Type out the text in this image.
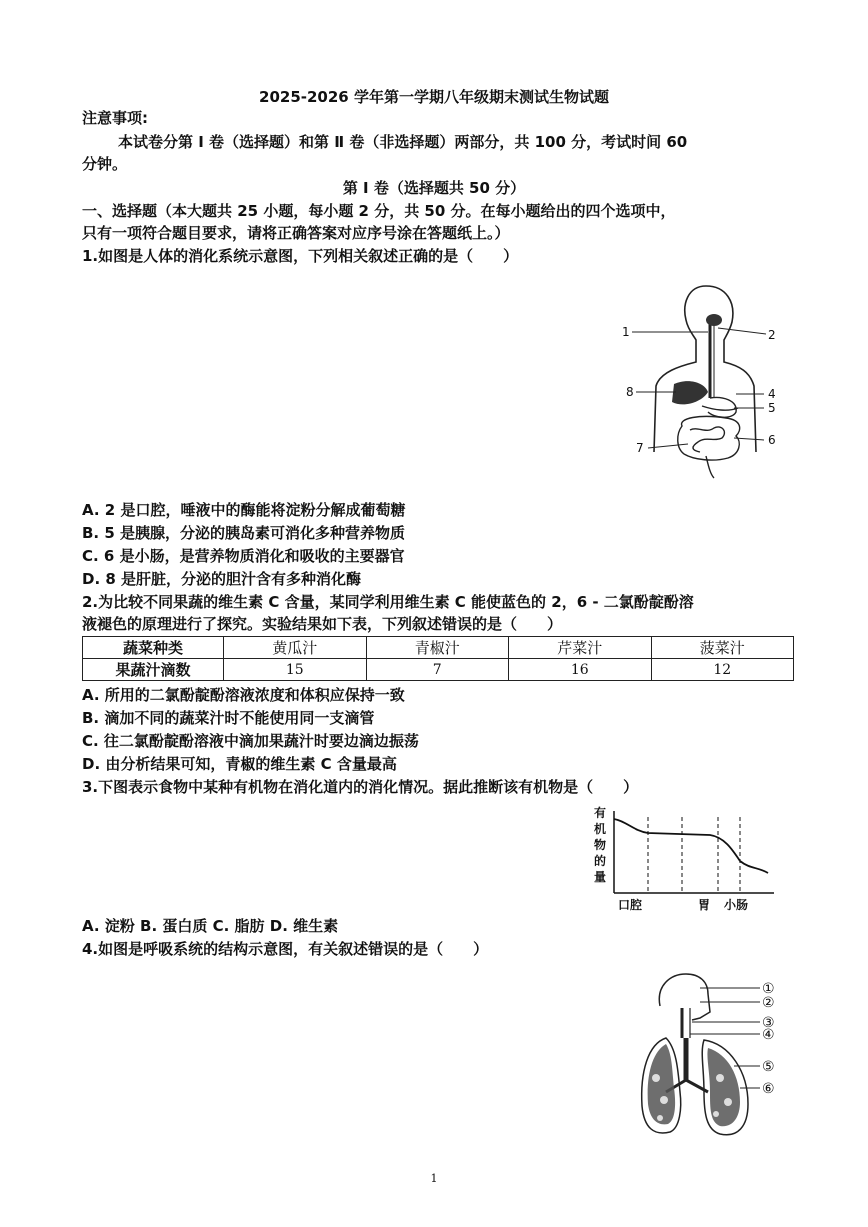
2025-2026 学年第一学期八年级期末测试生物试题
注意事项:
本试卷分第 Ⅰ 卷（选择题）和第 Ⅱ 卷（非选择题）两部分，共 100 分，考试时间 60
分钟。
第 Ⅰ 卷（选择题共 50 分）
一、选择题（本大题共 25 小题，每小题 2 分，共 50 分。在每小题给出的四个选项中，
只有一项符合题目要求，请将正确答案对应序号涂在答题纸上。）
1.如图是人体的消化系统示意图，下列相关叙述正确的是（　　）
1	2
8	4
5
6
7
A. 2 是口腔，唾液中的酶能将淀粉分解成葡萄糖
B. 5 是胰腺，分泌的胰岛素可消化多种营养物质
C. 6 是小肠，是营养物质消化和吸收的主要器官
D. 8 是肝脏，分泌的胆汁含有多种消化酶
2.为比较不同果蔬的维生素 C 含量，某同学利用维生素 C 能使蓝色的 2，6 - 二氯酚靛酚溶
液褪色的原理进行了探究。实验结果如下表，下列叙述错误的是（　　）
蔬菜种类	黄瓜汁	青椒汁	芹菜汁	菠菜汁
果蔬汁滴数	15	7	16	12
A. 所用的二氯酚靛酚溶液浓度和体积应保持一致
B. 滴加不同的蔬菜汁时不能使用同一支滴管
C. 往二氯酚靛酚溶液中滴加果蔬汁时要边滴边振荡
D. 由分析结果可知，青椒的维生素 C 含量最高
3.下图表示食物中某种有机物在消化道内的消化情况。据此推断该有机物是（　　）
有
机
物
的
量
口腔	胃 小肠
A. 淀粉 B. 蛋白质 C. 脂肪 D. 维生素
4.如图是呼吸系统的结构示意图，有关叙述错误的是（　　）
①
②
③
④
⑤
⑥
1
